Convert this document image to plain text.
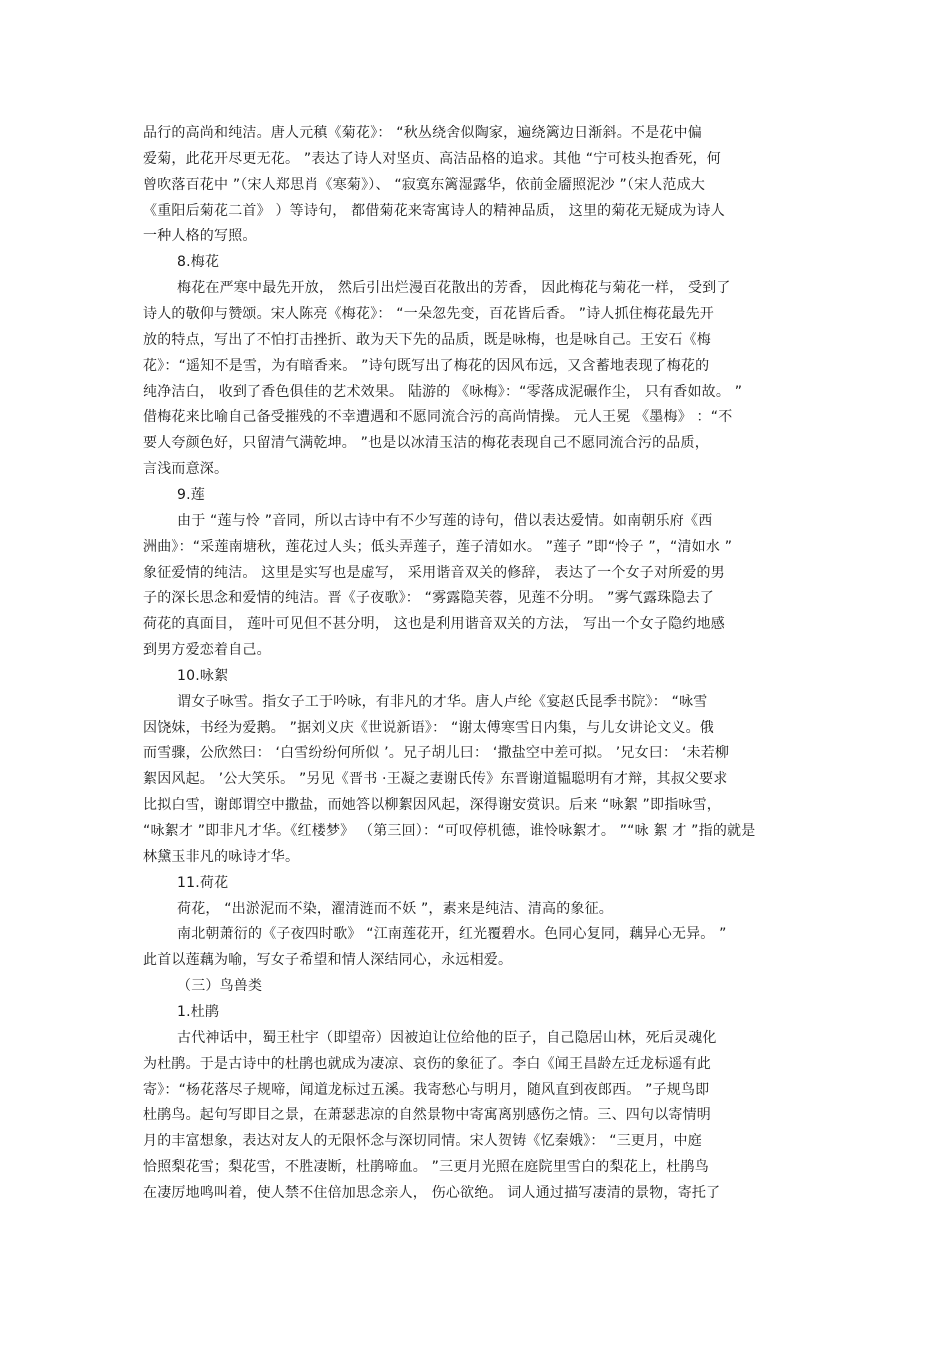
品行的高尚和纯洁。唐人元稹《菊花》： “秋丛绕舍似陶家，遍绕篱边日渐斜。不是花中偏
爱菊，此花开尽更无花。 ”表达了诗人对坚贞、高洁品格的追求。其他 “宁可枝头抱香死，何
曾吹落百花中 ”（宋人郑思肖《寒菊》）、 “寂寞东篱湿露华，依前金靥照泥沙 ”（宋人范成大
《重阳后菊花二首》 ）等诗句， 都借菊花来寄寓诗人的精神品质， 这里的菊花无疑成为诗人
一种人格的写照。
8.梅花
梅花在严寒中最先开放， 然后引出烂漫百花散出的芳香， 因此梅花与菊花一样， 受到了
诗人的敬仰与赞颂。宋人陈亮《梅花》： “一朵忽先变，百花皆后香。 ”诗人抓住梅花最先开
放的特点，写出了不怕打击挫折、敢为天下先的品质，既是咏梅，也是咏自己。王安石《梅
花》：“遥知不是雪，为有暗香来。 ”诗句既写出了梅花的因风布远，又含蓄地表现了梅花的
纯净洁白， 收到了香色俱佳的艺术效果。 陆游的 《咏梅》：“零落成泥碾作尘， 只有香如故。 ”
借梅花来比喻自己备受摧残的不幸遭遇和不愿同流合污的高尚情操。 元人王冕 《墨梅》 ：“不
要人夸颜色好，只留清气满乾坤。 ”也是以冰清玉洁的梅花表现自己不愿同流合污的品质，
言浅而意深。
9.莲
由于 “莲与怜 ”音同，所以古诗中有不少写莲的诗句，借以表达爱情。如南朝乐府《西
洲曲》：“采莲南塘秋，莲花过人头；低头弄莲子，莲子清如水。 ”莲子 ”即“怜子 ”，“清如水 ”
象征爱情的纯洁。 这里是实写也是虚写， 采用谐音双关的修辞， 表达了一个女子对所爱的男
子的深长思念和爱情的纯洁。晋《子夜歌》： “雾露隐芙蓉，见莲不分明。 ”雾气露珠隐去了
荷花的真面目， 莲叶可见但不甚分明， 这也是利用谐音双关的方法， 写出一个女子隐约地感
到男方爱恋着自己。
10.咏絮
谓女子咏雪。指女子工于吟咏，有非凡的才华。唐人卢纶《宴赵氏昆季书院》： “咏雪
因饶妹，书经为爱鹅。 ”据刘义庆《世说新语》： “谢太傅寒雪日内集，与儿女讲论文义。俄
而雪骤，公欣然曰： ‘白雪纷纷何所似 ’。兄子胡儿曰： ‘撒盐空中差可拟。 ’兄女曰： ‘未若柳
絮因风起。 ’公大笑乐。 ”另见《晋书 ·王凝之妻谢氏传》东晋谢道韫聪明有才辩，其叔父要求
比拟白雪，谢郎谓空中撒盐，而她答以柳絮因风起，深得谢安赏识。后来 “咏絮 ”即指咏雪，
“咏絮才 ”即非凡才华。《红楼梦》 （第三回）：“可叹停机德，谁怜咏絮才。 ”“咏 絮 才 ”指的就是
林黛玉非凡的咏诗才华。
11.荷花
荷花， “出淤泥而不染，濯清涟而不妖 ”，素来是纯洁、清高的象征。
南北朝萧衍的《子夜四时歌》 “江南莲花开，红光覆碧水。色同心复同，藕异心无异。 ”
此首以莲藕为喻，写女子希望和情人深结同心，永远相爱。
（三）鸟兽类
1.杜鹃
古代神话中，蜀王杜宇（即望帝）因被迫让位给他的臣子，自己隐居山林，死后灵魂化
为杜鹃。于是古诗中的杜鹃也就成为凄凉、哀伤的象征了。李白《闻王昌龄左迁龙标遥有此
寄》：“杨花落尽子规啼，闻道龙标过五溪。我寄愁心与明月，随风直到夜郎西。 ”子规鸟即
杜鹃鸟。起句写即目之景，在萧瑟悲凉的自然景物中寄寓离别感伤之情。三、四句以寄情明
月的丰富想象，表达对友人的无限怀念与深切同情。宋人贺铸《忆秦娥》： “三更月，中庭
恰照梨花雪；梨花雪，不胜凄断，杜鹃啼血。 ”三更月光照在庭院里雪白的梨花上，杜鹃鸟
在凄厉地鸣叫着，使人禁不住倍加思念亲人， 伤心欲绝。 词人通过描写凄清的景物，寄托了
